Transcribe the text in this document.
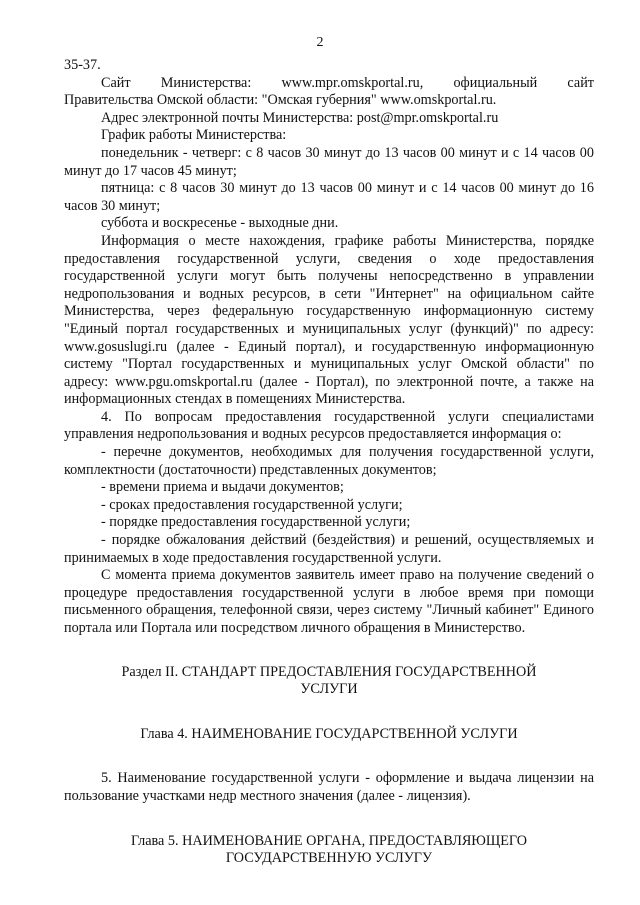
2

35-37.

Сайт Министерства: www.mpr.omskportal.ru, официальный сайт

Правительства Омской области: "Омская губерния" www.omskportal.ru.

Адрес электронной почты Министерства: post@mpr.omskportal.ru

График работы Министерства:

понедельник - четверг: с 8 часов 30 минут до 13 часов 00 минут и с 14 часов 00 минут до 17 часов 45 минут;

пятница: с 8 часов 30 минут до 13 часов 00 минут и с 14 часов 00 минут до 16 часов 30 минут;

суббота и воскресенье - выходные дни.

Информация о месте нахождения, графике работы Министерства, порядке предоставления государственной услуги, сведения о ходе предоставления государственной услуги могут быть получены непосредственно в управлении недропользования и водных ресурсов, в сети "Интернет" на официальном сайте Министерства, через федеральную государственную информационную систему "Единый портал государственных и муниципальных услуг (функций)" по адресу: www.gosuslugi.ru (далее - Единый портал), и государственную информационную систему "Портал государственных и муниципальных услуг Омской области" по адресу: www.pgu.omskportal.ru (далее - Портал), по электронной почте, а также на информационных стендах в помещениях Министерства.

4. По вопросам предоставления государственной услуги специалистами управления недропользования и водных ресурсов предоставляется информация о:

- перечне документов, необходимых для получения государственной услуги, комплектности (достаточности) представленных документов;

- времени приема и выдачи документов;

- сроках предоставления государственной услуги;

- порядке предоставления государственной услуги;

- порядке обжалования действий (бездействия) и решений, осуществляемых и принимаемых в ходе предоставления государственной услуги.

С момента приема документов заявитель имеет право на получение сведений о процедуре предоставления государственной услуги в любое время при помощи письменного обращения, телефонной связи, через систему "Личный кабинет" Единого портала или Портала или посредством личного обращения в Министерство.

Раздел II. СТАНДАРТ ПРЕДОСТАВЛЕНИЯ ГОСУДАРСТВЕННОЙ

УСЛУГИ

Глава 4. НАИМЕНОВАНИЕ ГОСУДАРСТВЕННОЙ УСЛУГИ

5. Наименование государственной услуги - оформление и выдача лицензии на пользование участками недр местного значения (далее - лицензия).

Глава 5. НАИМЕНОВАНИЕ ОРГАНА, ПРЕДОСТАВЛЯЮЩЕГО

ГОСУДАРСТВЕННУЮ УСЛУГУ
